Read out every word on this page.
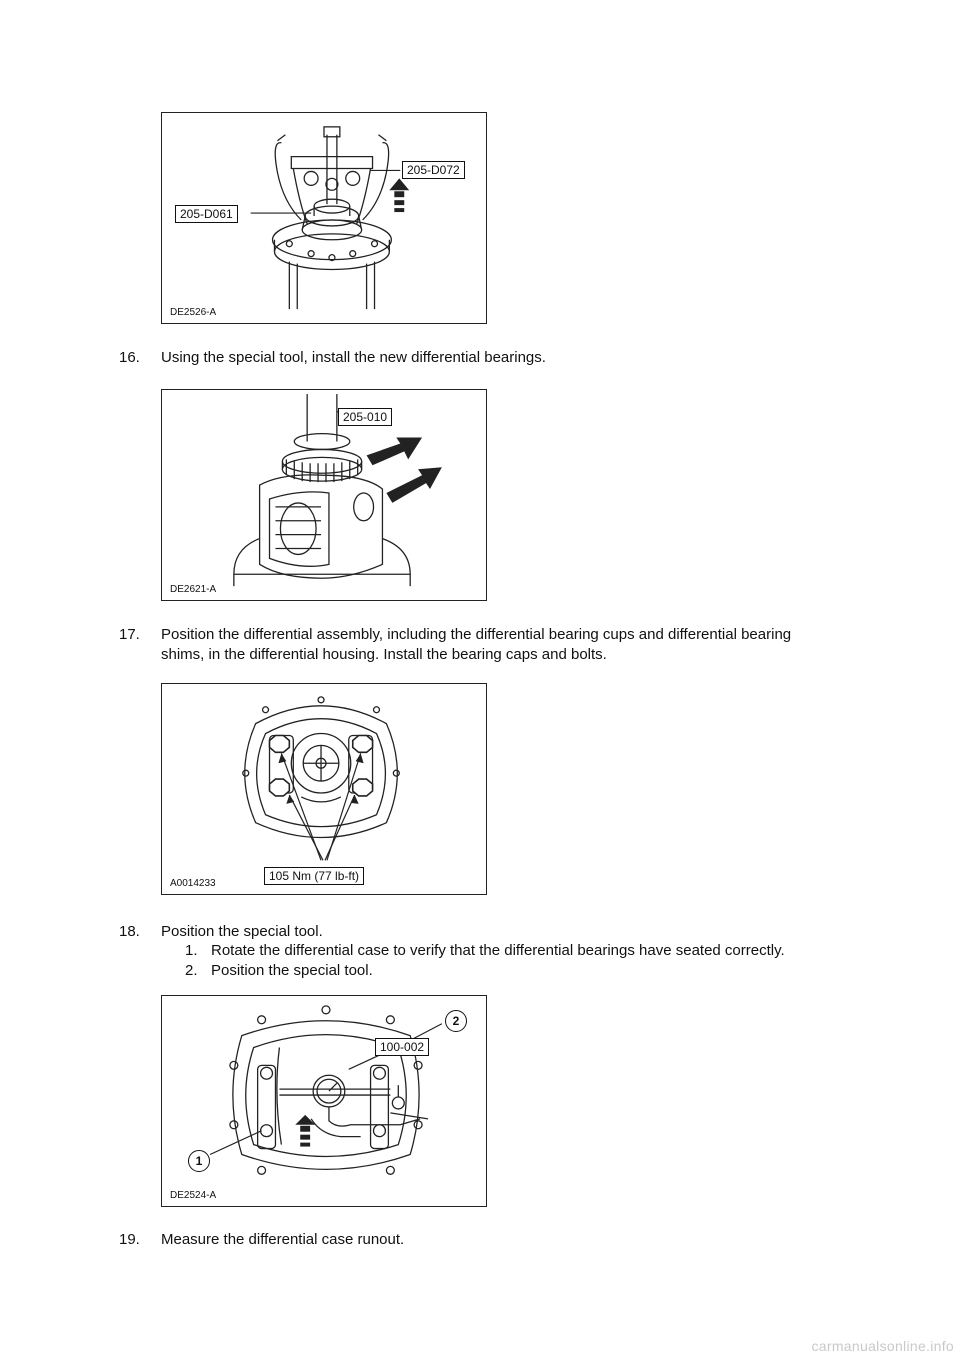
205-D072
205-D061
DE2526-A
16.	Using the special tool, install the new differential bearings.
205-010
DE2621-A
17.	Position the differential assembly, including the differential bearing cups and differential bearing
shims, in the differential housing. Install the bearing caps and bolts.
105 Nm (77 lb-ft)
A0014233
18.	Position the special tool.
1. Rotate the differential case to verify that the differential bearings have seated correctly.
2. Position the special tool.
2
100-002
1
DE2524-A
19.	Measure the differential case runout.
carmanualsonline.info
